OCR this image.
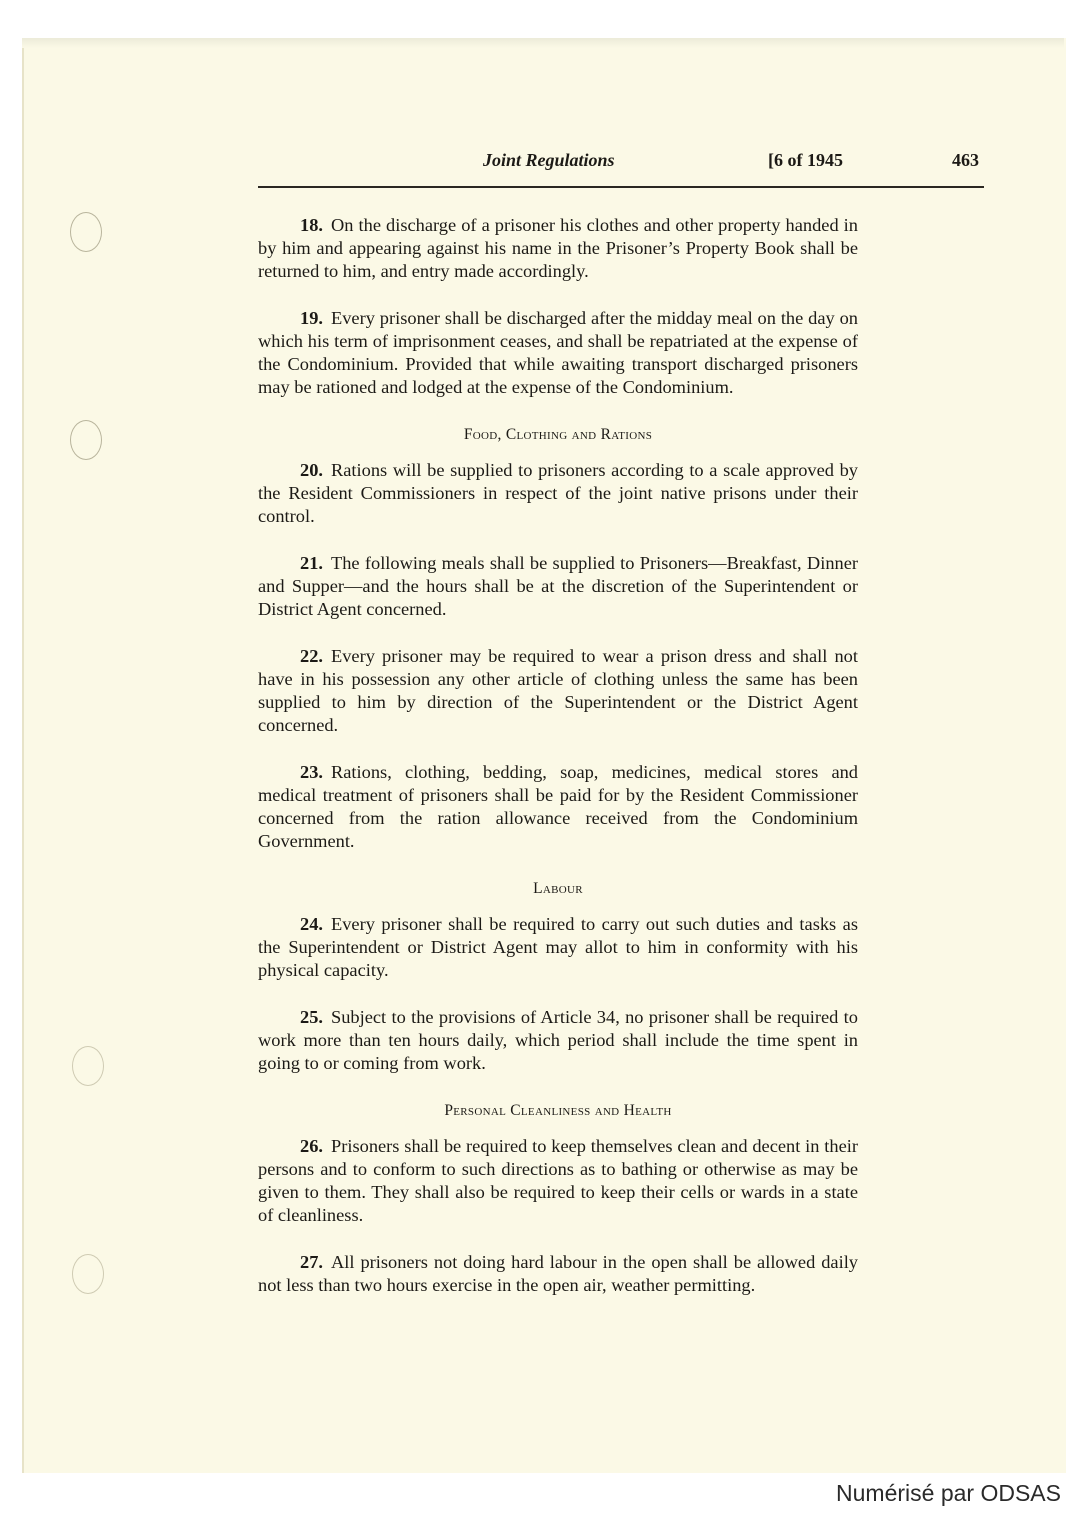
Joint Regulations	[6 of 1945	463

18. On the discharge of a prisoner his clothes and other property handed in by him and appearing against his name in the Prisoner’s Property Book shall be returned to him, and entry made accordingly.

19. Every prisoner shall be discharged after the midday meal on the day on which his term of imprisonment ceases, and shall be repatriated at the expense of the Condominium. Provided that while awaiting transport discharged prisoners may be rationed and lodged at the expense of the Condominium.

Food, Clothing and Rations

20. Rations will be supplied to prisoners according to a scale approved by the Resident Commissioners in respect of the joint native prisons under their control.

21. The following meals shall be supplied to Prisoners—Breakfast, Dinner and Supper—and the hours shall be at the discretion of the Superintendent or District Agent concerned.

22. Every prisoner may be required to wear a prison dress and shall not have in his possession any other article of clothing unless the same has been supplied to him by direction of the Superintendent or the District Agent concerned.

23. Rations, clothing, bedding, soap, medicines, medical stores and medical treatment of prisoners shall be paid for by the Resident Commissioner concerned from the ration allowance received from the Condominium Government.

Labour

24. Every prisoner shall be required to carry out such duties and tasks as the Superintendent or District Agent may allot to him in conformity with his physical capacity.

25. Subject to the provisions of Article 34, no prisoner shall be required to work more than ten hours daily, which period shall include the time spent in going to or coming from work.

Personal Cleanliness and Health

26. Prisoners shall be required to keep themselves clean and decent in their persons and to conform to such directions as to bathing or otherwise as may be given to them. They shall also be required to keep their cells or wards in a state of cleanliness.

27. All prisoners not doing hard labour in the open shall be allowed daily not less than two hours exercise in the open air, weather permitting.

Numérisé par ODSAS
